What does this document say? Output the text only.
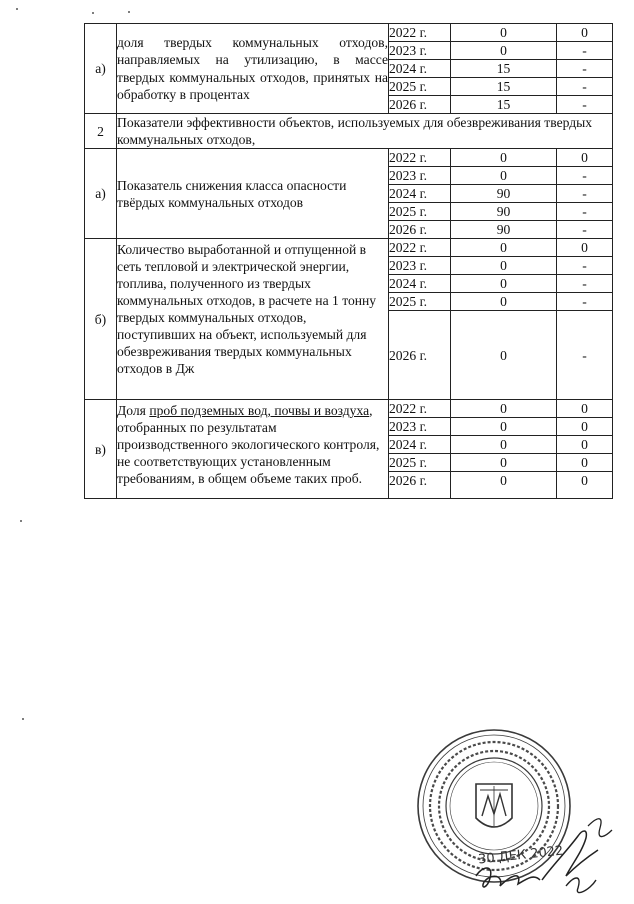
а)	доля твердых коммунальных отходов, направляемых на утилизацию, в массе твердых коммунальных отходов, принятых на обработку в процентах	2022 г.	0	0
		2023 г.	0	-
		2024 г.	15	-
		2025 г.	15	-
		2026 г.	15	-
2	Показатели эффективности объектов, используемых для обезвреживания твердых коммунальных отходов,			
а)	Показатель снижения класса опасности твёрдых коммунальных отходов	2022 г.	0	0
		2023 г.	0	-
		2024 г.	90	-
		2025 г.	90	-
		2026 г.	90	-
б)	Количество выработанной и отпущенной в сеть тепловой и электрической энергии, топлива, полученного из твердых коммунальных отходов, в расчете на 1 тонну твердых коммунальных отходов, поступивших на объект, используемый для обезвреживания твердых коммунальных отходов в Дж	2022 г.	0	0
		2023 г.	0	-
		2024 г.	0	-
		2025 г.	0	-
		2026 г.	0	-
в)	Доля проб подземных вод, почвы и воздуха, отобранных по результатам производственного экологического контроля, не соответствующих установленным требованиям, в общем объеме таких проб.	2022 г.	0	0
		2023 г.	0	0
		2024 г.	0	0
		2025 г.	0	0
		2026 г.	0	0
30 ДЕК 2022
